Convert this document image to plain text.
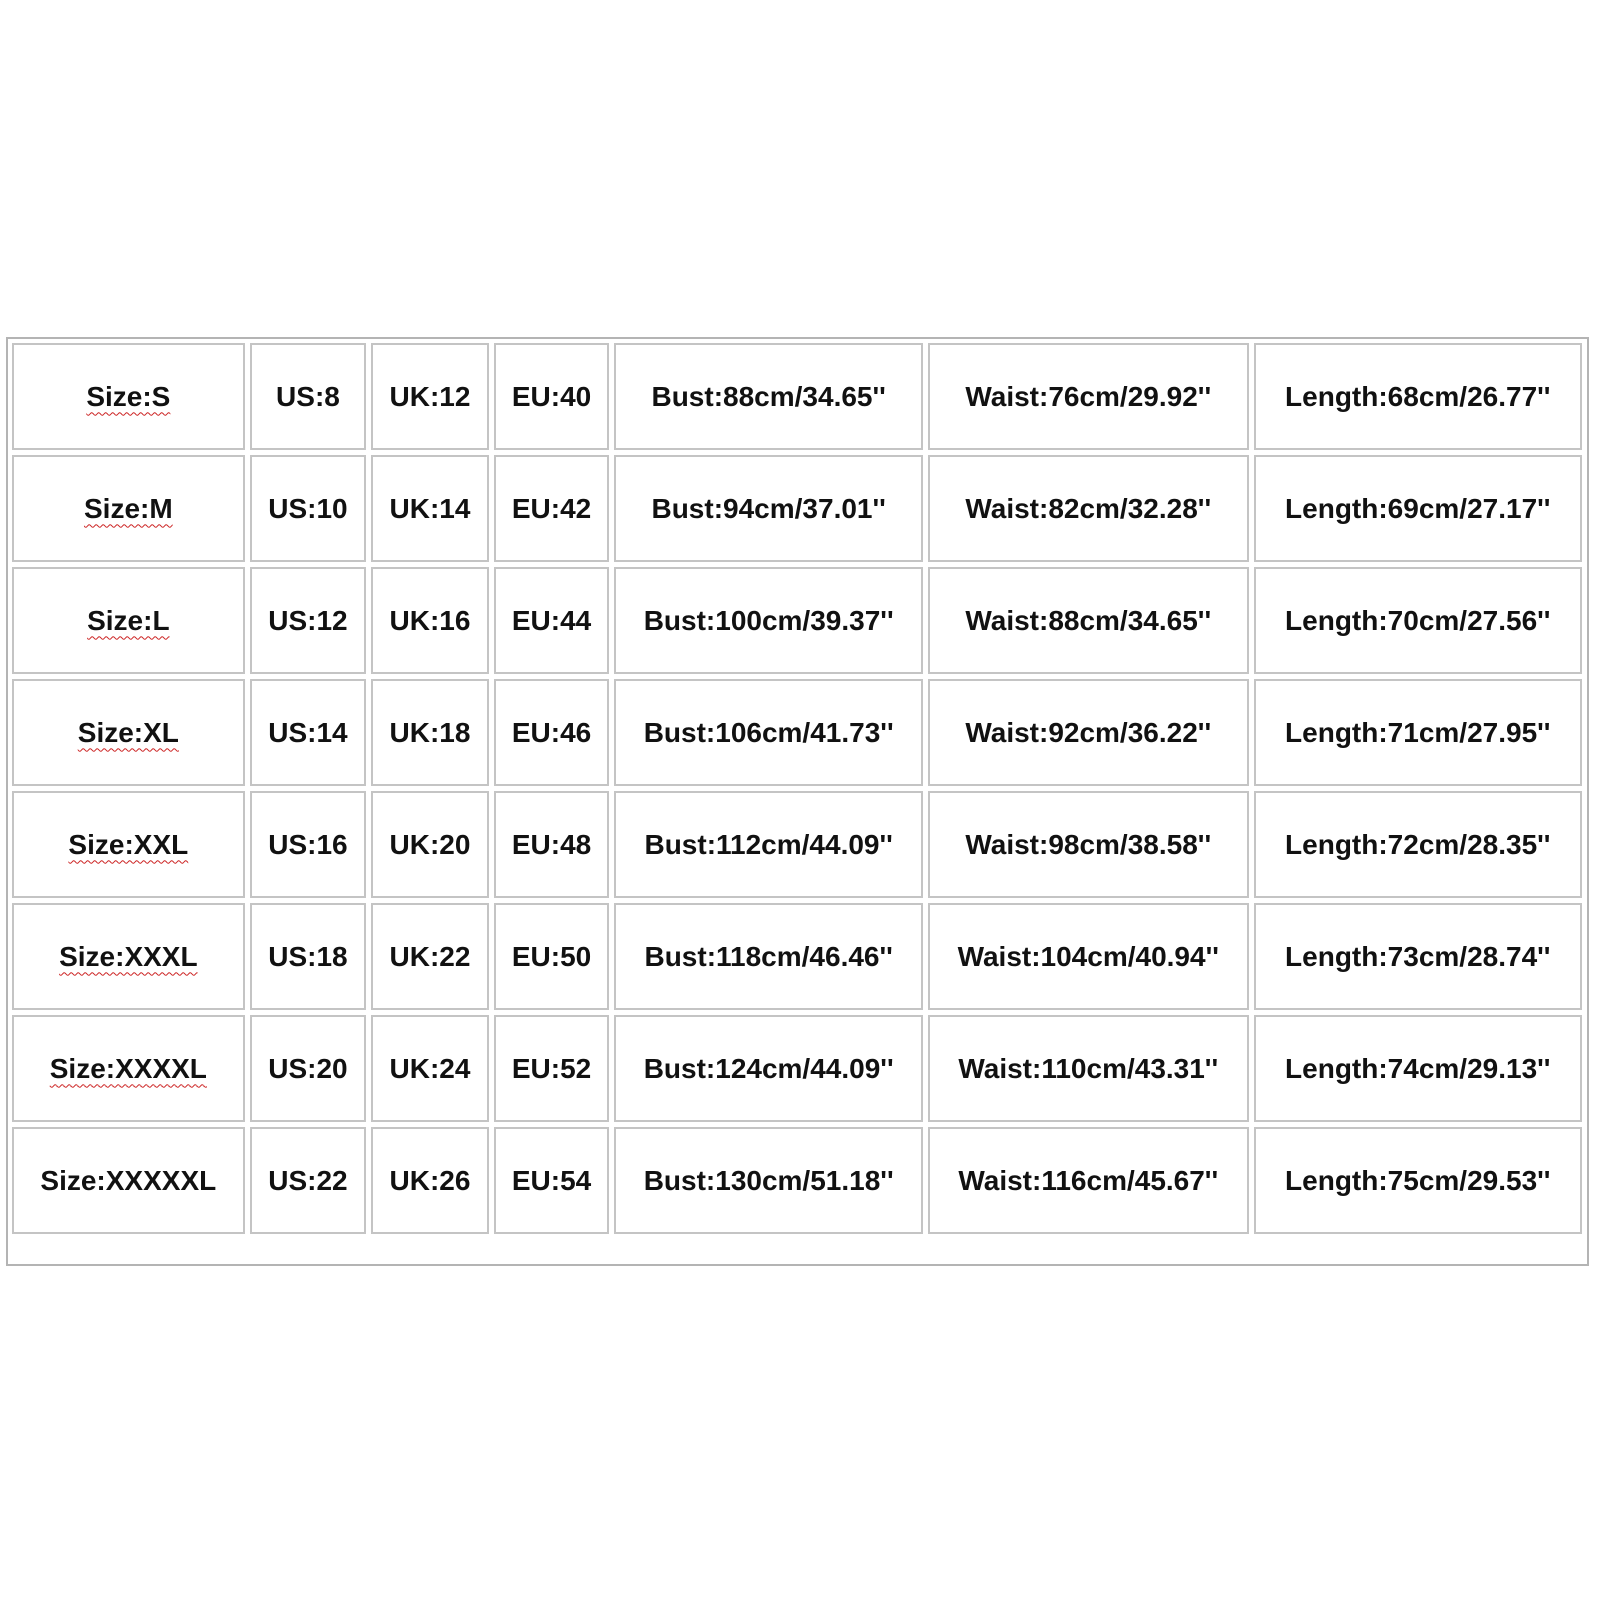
Size:S	US:8	UK:12	EU:40	Bust:88cm/34.65''	Waist:76cm/29.92''	Length:68cm/26.77''
Size:M	US:10	UK:14	EU:42	Bust:94cm/37.01''	Waist:82cm/32.28''	Length:69cm/27.17''
Size:L	US:12	UK:16	EU:44	Bust:100cm/39.37''	Waist:88cm/34.65''	Length:70cm/27.56''
Size:XL	US:14	UK:18	EU:46	Bust:106cm/41.73''	Waist:92cm/36.22''	Length:71cm/27.95''
Size:XXL	US:16	UK:20	EU:48	Bust:112cm/44.09''	Waist:98cm/38.58''	Length:72cm/28.35''
Size:XXXL	US:18	UK:22	EU:50	Bust:118cm/46.46''	Waist:104cm/40.94''	Length:73cm/28.74''
Size:XXXXL	US:20	UK:24	EU:52	Bust:124cm/44.09''	Waist:110cm/43.31''	Length:74cm/29.13''
Size:XXXXXL	US:22	UK:26	EU:54	Bust:130cm/51.18''	Waist:116cm/45.67''	Length:75cm/29.53''
